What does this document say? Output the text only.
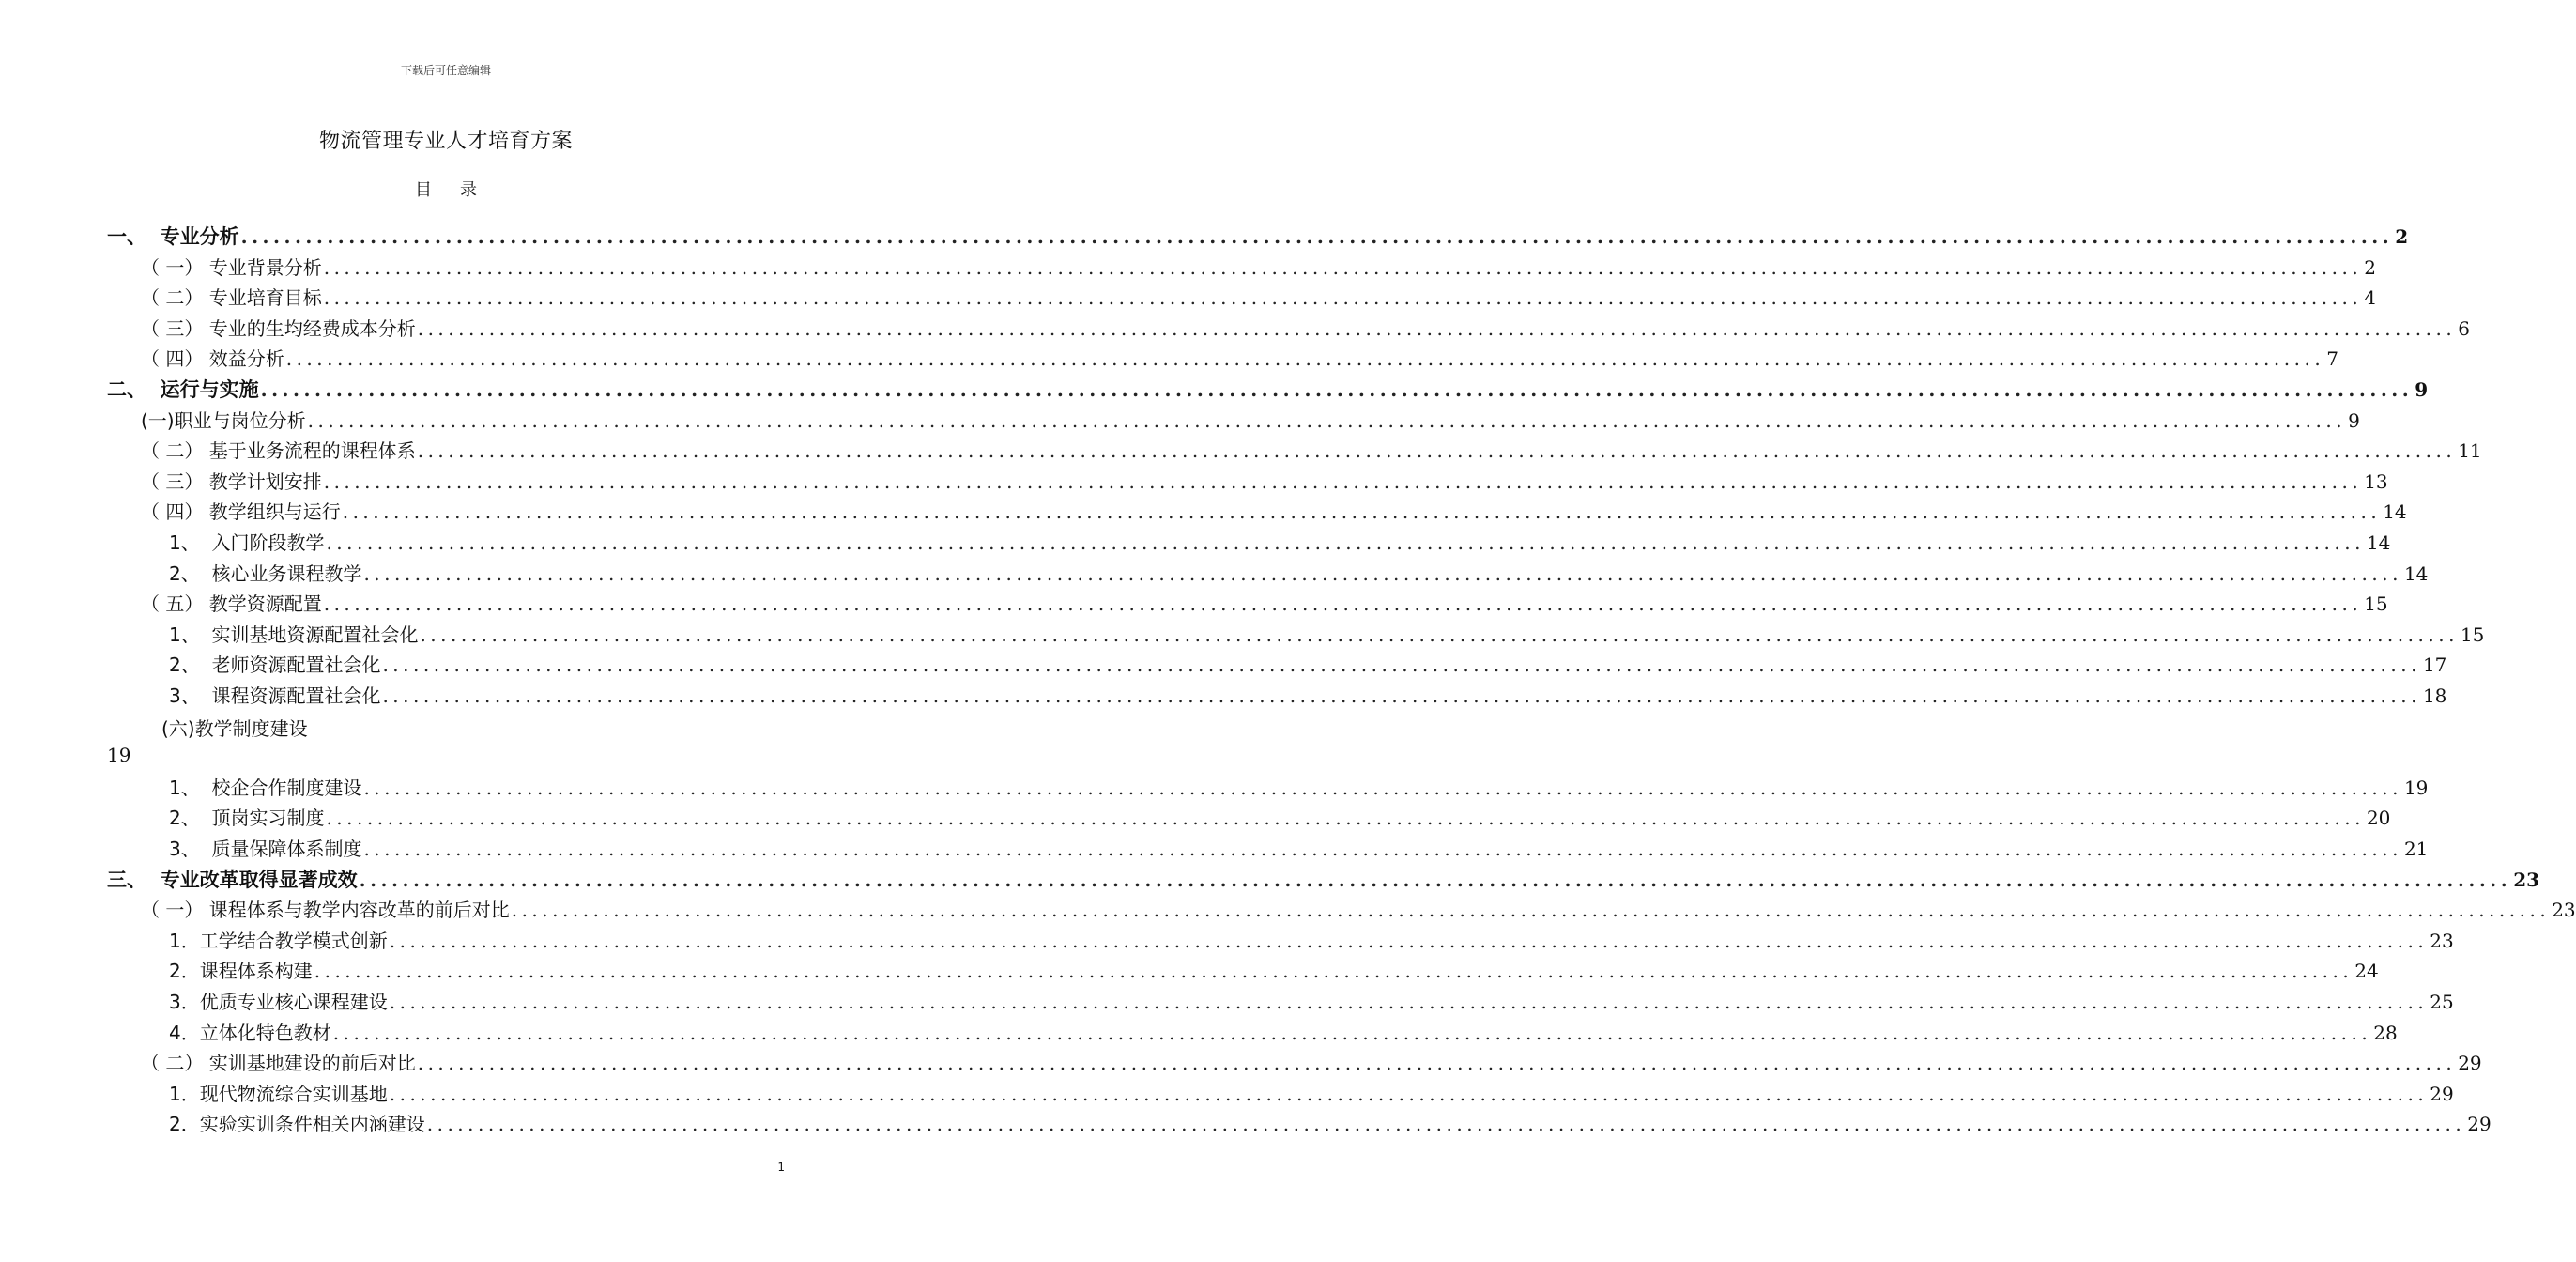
下载后可任意编辑
物流管理专业人才培育方案
目录
一、  专业分析 ........................................................................................................................................................................................................ 2
（ 一） 专业背景分析 ........................................................................................................................................................................................................ 2
（ 二） 专业培育目标 ........................................................................................................................................................................................................ 4
（ 三） 专业的生均经费成本分析 ........................................................................................................................................................................................................ 6
（ 四） 效益分析 ........................................................................................................................................................................................................ 7
二、  运行与实施 ........................................................................................................................................................................................................ 9
(一)职业与岗位分析 ........................................................................................................................................................................................................ 9
（ 二） 基于业务流程的课程体系 ........................................................................................................................................................................................................ 11
（ 三） 教学计划安排 ........................................................................................................................................................................................................ 13
（ 四） 教学组织与运行 ........................................................................................................................................................................................................ 14
1、  入门阶段教学 ........................................................................................................................................................................................................ 14
2、  核心业务课程教学 ........................................................................................................................................................................................................ 14
（ 五） 教学资源配置 ........................................................................................................................................................................................................ 15
1、  实训基地资源配置社会化 ........................................................................................................................................................................................................ 15
2、  老师资源配置社会化 ........................................................................................................................................................................................................ 17
3、  课程资源配置社会化 ........................................................................................................................................................................................................ 18
1、  校企合作制度建设 ........................................................................................................................................................................................................ 19
2、  顶岗实习制度 ........................................................................................................................................................................................................ 20
3、  质量保障体系制度 ........................................................................................................................................................................................................ 21
三、  专业改革取得显著成效 ........................................................................................................................................................................................................ 23
（ 一） 课程体系与教学内容改革的前后对比 ........................................................................................................................................................................................................ 23
1．工学结合教学模式创新 ........................................................................................................................................................................................................ 23
2．课程体系构建 ........................................................................................................................................................................................................ 24
3．优质专业核心课程建设 ........................................................................................................................................................................................................ 25
4．立体化特色教材 ........................................................................................................................................................................................................ 28
（ 二） 实训基地建设的前后对比 ........................................................................................................................................................................................................ 29
1．现代物流综合实训基地 ........................................................................................................................................................................................................ 29
2．实验实训条件相关内涵建设 ........................................................................................................................................................................................................ 29
1
(六)教学制度建设
19
